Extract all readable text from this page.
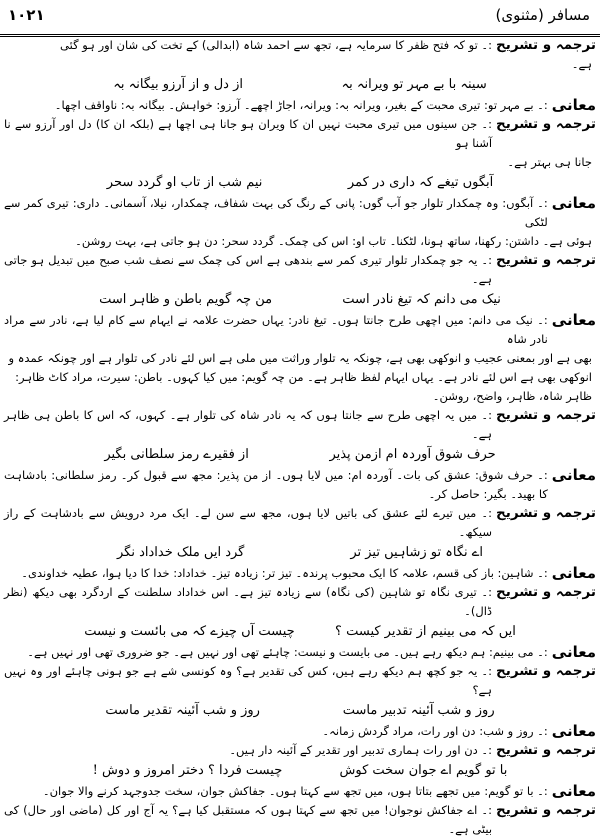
۱۰۲۱	مسافر (مثنوی)
ترجمہ و تشریح
:۔ تو کہ فتح ظفر کا سرمایہ ہے، تجھ سے احمد شاہ (ابدالی) کے تخت کی شان اور ہو گئی
ہے۔
سینہ با بے مہر تو ویرانہ بہ
از دل و از آرزو بیگانہ بہ
معانی
:۔ بے مہر تو: تیری محبت کے بغیر، ویرانہ بہ: ویرانہ، اجاڑ اچھے۔ آرزو: خواہش۔ بیگانہ بہ: ناواقف اچھا۔
ترجمہ و تشریح
:۔ جن سینوں میں تیری محبت نہیں ان کا ویران ہو جانا ہی اچھا ہے (بلکہ ان کا) دل اور آرزو سے نا آشنا ہو
جانا ہی بہتر ہے۔
آبگوں تیغے کہ داری در کمر
نیم شب از تاب او گردد سحر
معانی
:۔ آبگوں: وہ چمکدار تلوار جو آب گوں: پانی کے رنگ کی بہت شفاف، چمکدار، نیلا، آسمانی۔ داری: تیری کمر سے لٹکی
ہوئی ہے۔ داشتن: رکھنا، ساتھ ہونا، لٹکنا۔ تاب او: اس کی چمک۔ گردد سحر: دن ہو جاتی ہے، بہت روشن۔
ترجمہ و تشریح
:۔ یہ جو چمکدار تلوار تیری کمر سے بندھی ہے اس کی چمک سے نصف شب صبح میں تبدیل ہو جاتی ہے۔
نیک می دانم کہ تیغ نادر است
من چہ گویم باطن و ظاہر است
معانی
:۔ نیک می دانم: میں اچھی طرح جانتا ہوں۔ تیغ نادر: یہاں حضرت علامہ نے ایہام سے کام لیا ہے، نادر سے مراد نادر شاہ
بھی ہے اور بمعنی عجیب و انوکھی بھی ہے، چونکہ یہ تلوار وراثت میں ملی ہے اس لئے نادر کی تلوار ہے اور چونکہ عمدہ و انوکھی بھی ہے اس لئے نادر ہے۔ یہاں ایہام لفظ ظاہر ہے۔ من چہ گویم: میں کیا کہوں۔ باطن: سیرت، مراد کاٹ ظاہر: ظاہر شاہ، ظاہر، واضح، روشن۔
ترجمہ و تشریح
:۔ میں یہ اچھی طرح سے جانتا ہوں کہ یہ نادر شاہ کی تلوار ہے۔ کہوں، کہ اس کا باطن ہی ظاہر ہے۔
حرف شوق آوردہ ام ازمن پذیر
از فقیرے رمز سلطانی بگیر
معانی
:۔ حرف شوق: عشق کی بات۔ آوردہ ام: میں لایا ہوں۔ از من پذیر: مجھ سے قبول کر۔ رمز سلطانی: بادشاہت کا بھید۔ بگیر: حاصل کر۔
ترجمہ و تشریح
:۔ میں تیرے لئے عشق کی باتیں لایا ہوں، مجھ سے سن لے۔ ایک مرد درویش سے بادشاہت کے راز سیکھ۔
اے نگاہ تو زشاہیں تیز تر
گرد ایں ملک خداداد نگر
معانی
:۔ شاہین: باز کی قسم، علامہ کا ایک محبوب پرندہ۔ تیز تر: زیادہ تیز۔ خداداد: خدا کا دیا ہوا، عطیہ خداوندی۔
ترجمہ و تشریح
:۔ تیری نگاہ تو شاہین (کی نگاہ) سے زیادہ تیز ہے۔ اس خداداد سلطنت کے اردگرد بھی دیکھ (نظر ڈال)۔
ایں کہ می بینیم از تقدیر کیست ؟
چیست آں چیزے کہ می بائست و نیست
معانی
:۔ می بینیم: ہم دیکھ رہے ہیں۔ می بایست و نیست: چاہئے تھی اور نہیں ہے۔ جو ضروری تھی اور نہیں ہے۔
ترجمہ و تشریح
:۔ یہ جو کچھ ہم دیکھ رہے ہیں، کس کی تقدیر ہے؟ وہ کونسی شے ہے جو ہونی چاہئے اور وہ نہیں ہے؟
روز و شب آئینہ تدبیر ماست
روز و شب آئینہ تقدیر ماست
معانی
:۔ روز و شب: دن اور رات، مراد گردش زمانہ۔
ترجمہ و تشریح
:۔ دن اور رات ہماری تدبیر اور تقدیر کے آئینہ دار ہیں۔
با تو گویم اے جوان سخت کوش
چیست فردا ؟ دختر امروز و دوش !
معانی
:۔ با تو گویم: میں تجھے بتاتا ہوں، میں تجھ سے کہتا ہوں۔ جفاکش جوان، سخت جدوجہد کرنے والا جوان۔
ترجمہ و تشریح
:۔ اے جفاکش نوجوان! میں تجھ سے کہتا ہوں کہ مستقبل کیا ہے؟ یہ آج اور کل (ماضی اور حال) کی بیٹی ہے۔
